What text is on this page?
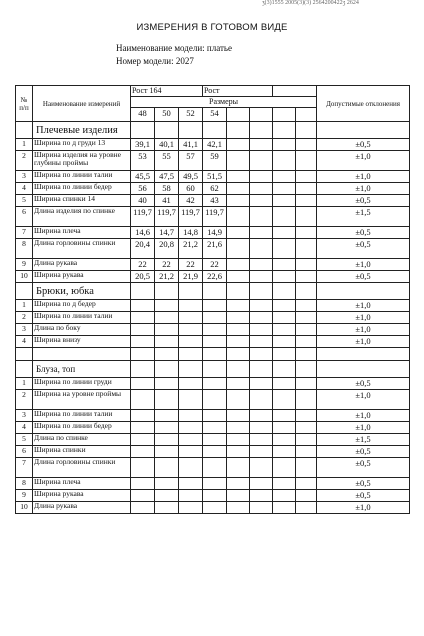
ʒ(3)1555 2005(3)(3) 2564200422ʒ 2624
ИЗМЕРЕНИЯ В ГОТОВОМ ВИДЕ
Наименование модели: платье
Номер модели: 2027
№ п/п	Наименование измерений	Рост 164			Рост					Допустимые отклонения
		Размеры								
		48	50	52	54					
	Плечевые изделия									
1	Ширина по д груди 13	39,1	40,1	41,1	42,1					±0,5
2	Ширина изделия на уровне глубины проймы	53	55	57	59					±1,0
3	Ширина по линии талии	45,5	47,5	49,5	51,5					±1,0
4	Ширина по линии бедер	56	58	60	62					±1,0
5	Ширина спинки 14	40	41	42	43					±0,5
6	Длина изделия по спинке	119,7	119,7	119,7	119,7					±1,5
7	Ширина плеча	14,6	14,7	14,8	14,9					±0,5
8	Длина горловины спинки	20,4	20,8	21,2	21,6					±0,5
9	Длина рукава	22	22	22	22					±1,0
10	Ширина рукава	20,5	21,2	21,9	22,6					±0,5
	Брюки, юбка									
1	Ширина по д бедер									±1,0
2	Ширина по линии талии									±1,0
3	Длина по боку									±1,0
4	Ширина внизу									±1,0

	Блуза, топ									
1	Ширина по линии груди									±0,5
2	Ширина на уровне проймы									±1,0
3	Ширина по линии талии									±1,0
4	Ширина по линии бедер									±1,0
5	Длина по спинке									±1,5
6	Ширина спинки									±0,5
7	Длина горловины спинки									±0,5
8	Ширина плеча									±0,5
9	Ширина рукава									±0,5
10	Длина рукава									±1,0
